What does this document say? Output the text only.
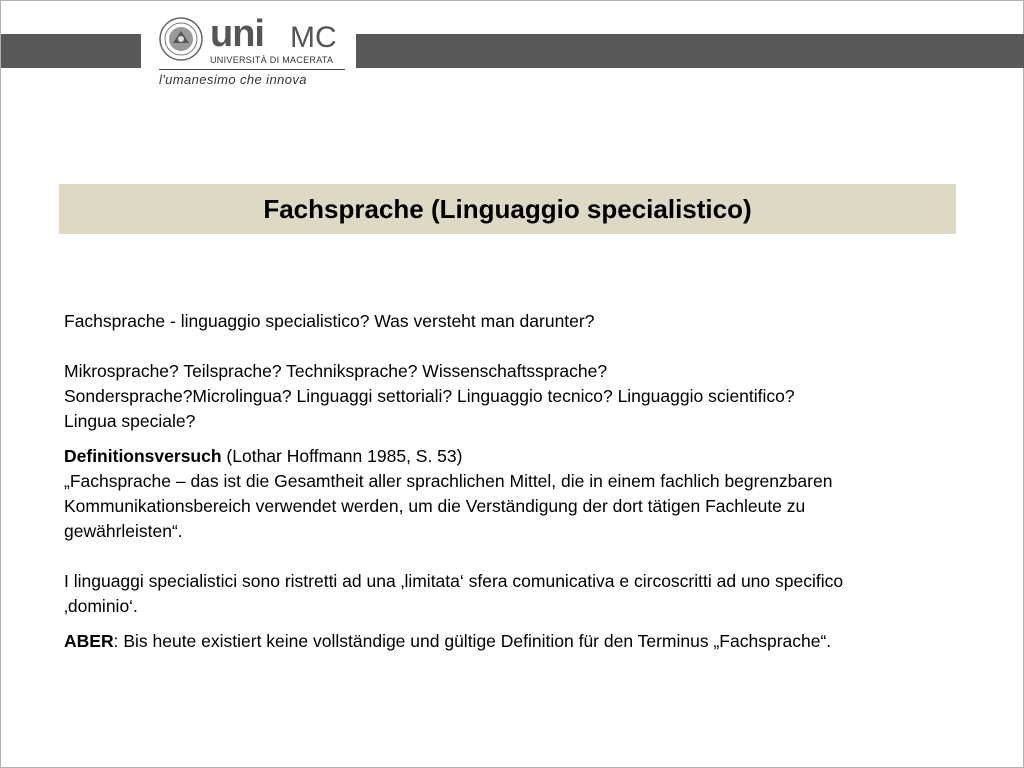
uni MC
UNIVERSITÀ DI MACERATA
l'umanesimo che innova
Fachsprache (Linguaggio specialistico)

Fachsprache - linguaggio specialistico? Was versteht man darunter?

Mikrosprache? Teilsprache? Techniksprache? Wissenschaftssprache?

Sondersprache?Microlingua? Linguaggi settoriali? Linguaggio tecnico? Linguaggio scientifico?

Lingua speciale?

Definitionsversuch (Lothar Hoffmann 1985, S. 53)

„Fachsprache – das ist die Gesamtheit aller sprachlichen Mittel, die in einem fachlich begrenzbaren

Kommunikationsbereich verwendet werden, um die Verständigung der dort tätigen Fachleute zu

gewährleisten“.

I linguaggi specialistici sono ristretti ad una ‚limitata‘ sfera comunicativa e circoscritti ad uno specifico

‚dominio‘.

ABER: Bis heute existiert keine vollständige und gültige Definition für den Terminus „Fachsprache“.
